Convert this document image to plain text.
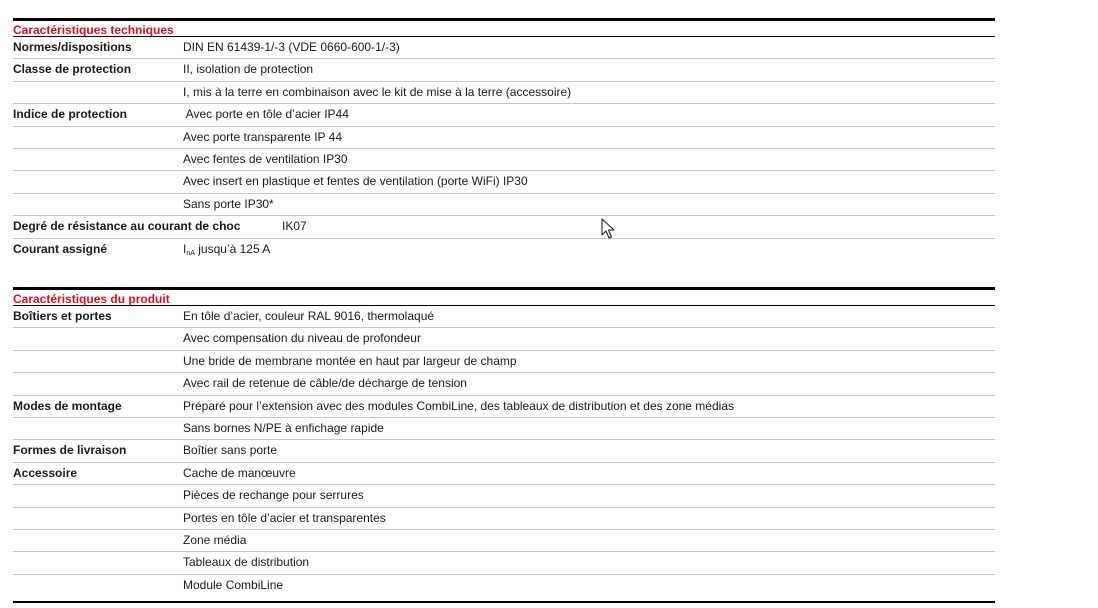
Caractéristiques techniques
Normes/dispositions	DIN EN 61439-1/-3 (VDE 0660-600-1/-3)
Classe de protection	II, isolation de protection
I, mis à la terre en combinaison avec le kit de mise à la terre (accessoire)
Indice de protection	Avec porte en tôle d’acier IP44
Avec porte transparente IP 44
Avec fentes de ventilation IP30
Avec insert en plastique et fentes de ventilation (porte WiFi) IP30
Sans porte IP30*
Degré de résistance au courant de choc	IK07
Courant assigné	$I_{nA}$ jusqu’à 125 A
Caractéristiques du produit
Boîtiers et portes	En tôle d’acier, couleur RAL 9016, thermolaqué
Avec compensation du niveau de profondeur
Une bride de membrane montée en haut par largeur de champ
Avec rail de retenue de câble/de décharge de tension
Modes de montage	Préparé pour l’extension avec des modules CombiLine, des tableaux de distribution et des zone médias
Sans bornes N/PE à enfichage rapide
Formes de livraison	Boîtier sans porte
Accessoire	Cache de manœuvre
Pièces de rechange pour serrures
Portes en tôle d’acier et transparentes
Zone média
Tableaux de distribution
Module CombiLine
